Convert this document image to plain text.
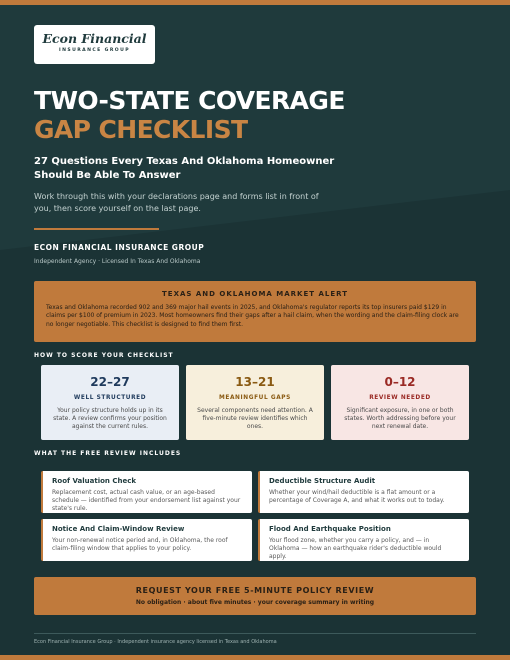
Econ Financial
INSURANCE GROUP
TWO-STATE COVERAGE
GAP CHECKLIST
27 Questions Every Texas And Oklahoma Homeowner Should Be Able To Answer
Work through this with your declarations page and forms list in front of you, then score yourself on the last page.
ECON FINANCIAL INSURANCE GROUP
Independent Agency · Licensed In Texas And Oklahoma
TEXAS AND OKLAHOMA MARKET ALERT
Texas and Oklahoma recorded 902 and 369 major hail events in 2025, and Oklahoma's regulator reports its top insurers paid $129 in claims per $100 of premium in 2023. Most homeowners find their gaps after a hail claim, when the wording and the claim-filing clock are no longer negotiable. This checklist is designed to find them first.
HOW TO SCORE YOUR CHECKLIST
22–27
WELL STRUCTURED
Your policy structure holds up in its state. A review confirms your position against the current rules.
13–21
MEANINGFUL GAPS
Several components need attention. A five-minute review identifies which ones.
0–12
REVIEW NEEDED
Significant exposure, in one or both states. Worth addressing before your next renewal date.
WHAT THE FREE REVIEW INCLUDES
Roof Valuation Check
Replacement cost, actual cash value, or an age-based schedule — identified from your endorsement list against your state's rule.
Deductible Structure Audit
Whether your wind/hail deductible is a flat amount or a percentage of Coverage A, and what it works out to today.
Notice And Claim-Window Review
Your non-renewal notice period and, in Oklahoma, the roof claim-filing window that applies to your policy.
Flood And Earthquake Position
Your flood zone, whether you carry a policy, and — in Oklahoma — how an earthquake rider's deductible would apply.
REQUEST YOUR FREE 5-MINUTE POLICY REVIEW
No obligation · about five minutes · your coverage summary in writing
Econ Financial Insurance Group · Independent insurance agency licensed in Texas and Oklahoma
